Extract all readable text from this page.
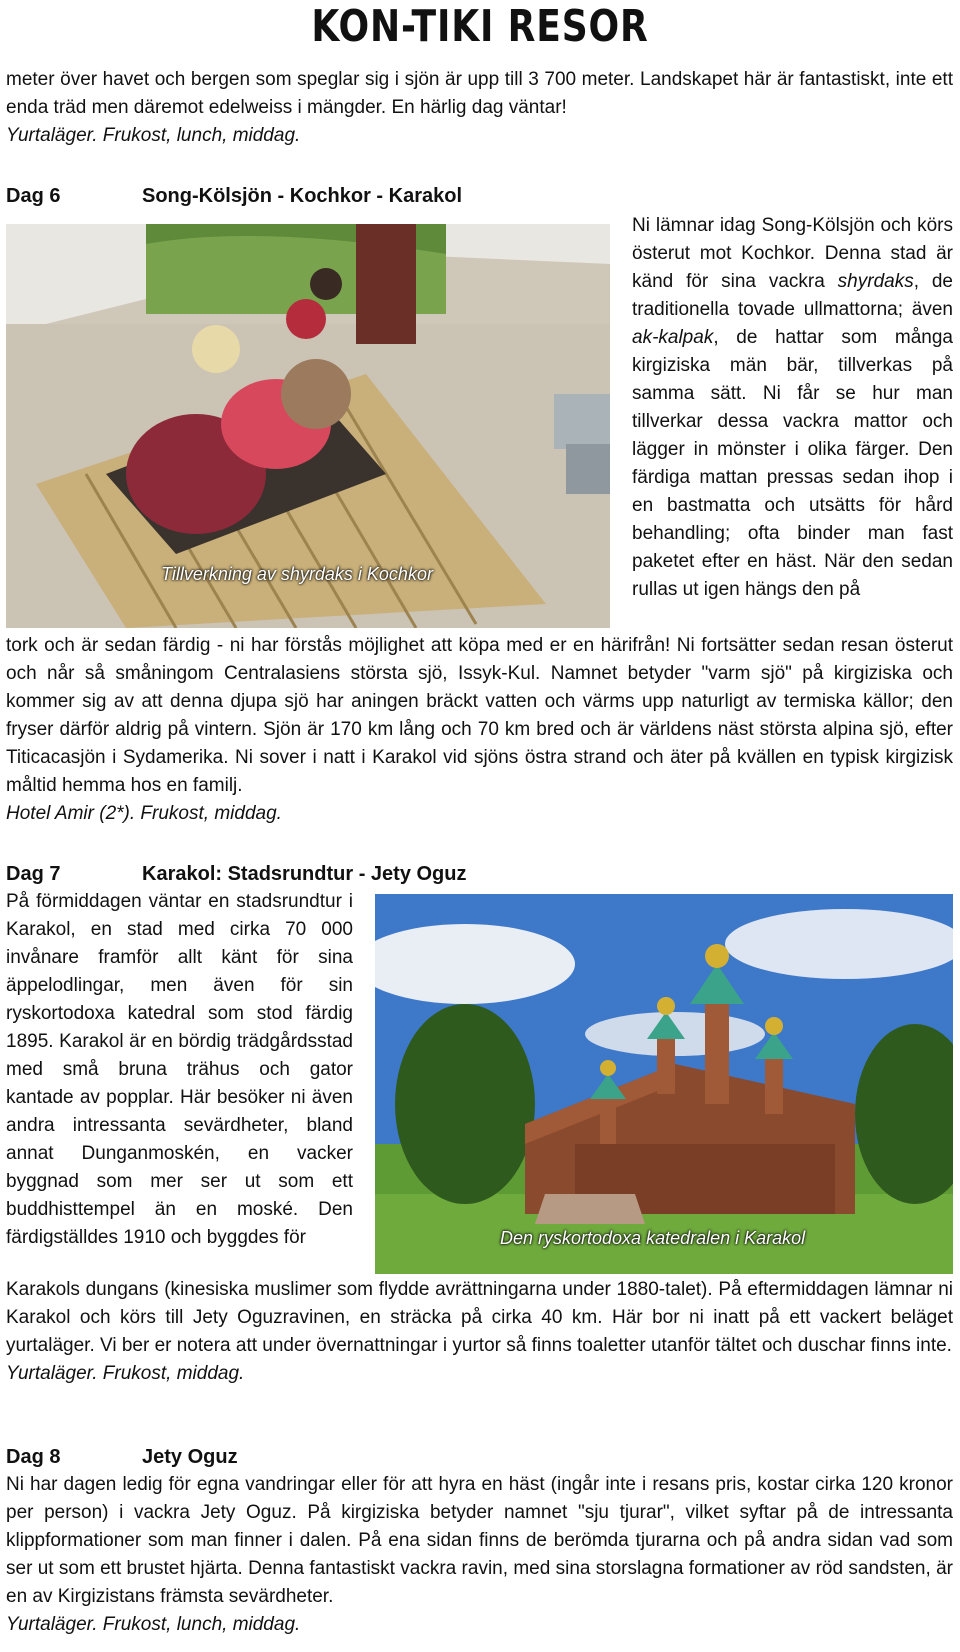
KON-TIKI RESOR

meter över havet och bergen som speglar sig i sjön är upp till 3 700 meter. Landskapet här är fantastiskt, inte ett enda träd men däremot edelweiss i mängder. En härlig dag väntar!

Yurtaläger. Frukost, lunch, middag.

Dag 6	Song-Kölsjön - Kochkor - Karakol
Tillverkning av shyrdaks i Kochkor
Ni lämnar idag Song-Kölsjön och körs österut mot Kochkor. Denna stad är känd för sina vackra shyrdaks, de traditionella tovade ullmattorna; även ak-kalpak, de hattar som många kirgiziska män bär, tillverkas på samma sätt. Ni får se hur man tillverkar dessa vackra mattor och lägger in mönster i olika färger. Den färdiga mattan pressas sedan ihop i en bastmatta och utsätts för hård behandling; ofta binder man fast paketet efter en häst. När den sedan rullas ut igen hängs den på

tork och är sedan färdig - ni har förstås möjlighet att köpa med er en härifrån! Ni fortsätter sedan resan österut och når så småningom Centralasiens största sjö, Issyk-Kul. Namnet betyder "varm sjö" på kirgiziska och kommer sig av att denna djupa sjö har aningen bräckt vatten och värms upp naturligt av termiska källor; den fryser därför aldrig på vintern. Sjön är 170 km lång och 70 km bred och är världens näst största alpina sjö, efter Titicacasjön i Sydamerika. Ni sover i natt i Karakol vid sjöns östra strand och äter på kvällen en typisk kirgizisk måltid hemma hos en familj.

Hotel Amir (2*). Frukost, middag.

Dag 7	Karakol: Stadsrundtur - Jety Oguz
På förmiddagen väntar en stadsrundtur i Karakol, en stad med cirka 70 000 invånare framför allt känt för sina äppelodlingar, men även för sin ryskortodoxa katedral som stod färdig 1895. Karakol är en bördig trädgårdsstad med små bruna trähus och gator kantade av popplar. Här besöker ni även andra intressanta sevärdheter, bland annat Dunganmoskén, en vacker byggnad som mer ser ut som ett buddhisttempel än en moské. Den färdigställdes 1910 och byggdes för	Den ryskortodoxa katedralen i Karakol

Karakols dungans (kinesiska muslimer som flydde avrättningarna under 1880-talet). På eftermiddagen lämnar ni Karakol och körs till Jety Oguzravinen, en sträcka på cirka 40 km. Här bor ni inatt på ett vackert beläget yurtaläger. Vi ber er notera att under övernattningar i yurtor så finns toaletter utanför tältet och duschar finns inte.

Yurtaläger. Frukost, middag.

Dag 8	Jety Oguz

Ni har dagen ledig för egna vandringar eller för att hyra en häst (ingår inte i resans pris, kostar cirka 120 kronor per person) i vackra Jety Oguz. På kirgiziska betyder namnet "sju tjurar", vilket syftar på de intressanta klippformationer som man finner i dalen. På ena sidan finns de berömda tjurarna och på andra sidan vad som ser ut som ett brustet hjärta. Denna fantastiskt vackra ravin, med sina storslagna formationer av röd sandsten, är en av Kirgizistans främsta sevärdheter.

Yurtaläger. Frukost, lunch, middag.
